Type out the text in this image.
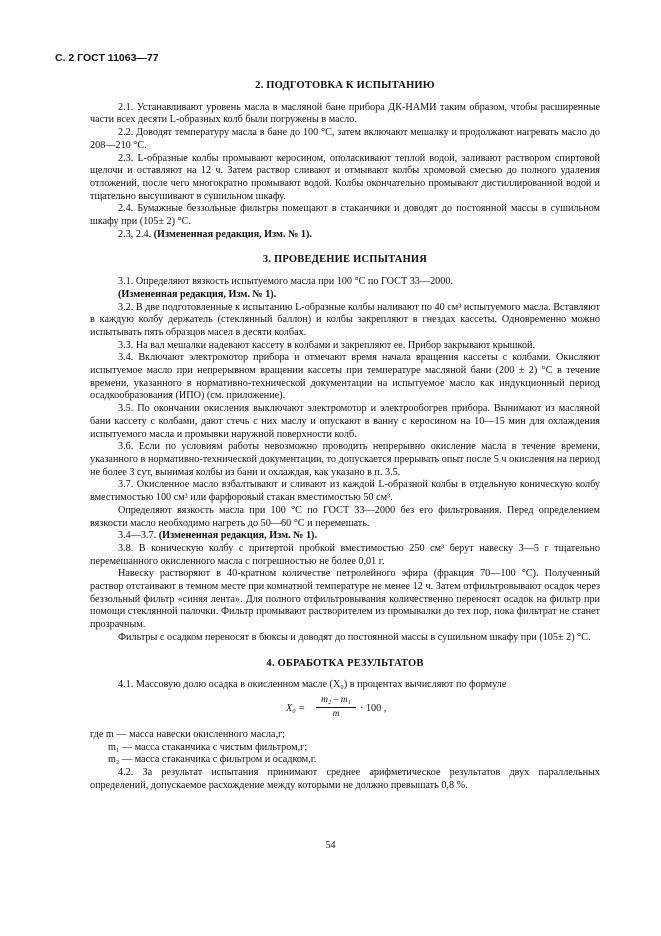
С. 2 ГОСТ 11063—77
2. ПОДГОТОВКА К ИСПЫТАНИЮ

2.1. Устанавливают уровень масла в масляной бане прибора ДК-НАМИ таким образом, чтобы расширенные части всех десяти L-образных колб были погружены в масло.

2.2. Доводят температуру масла в бане до 100 °С, затем включают мешалку и продолжают нагревать масло до 208—210 °С.

2.3. L-образные колбы промывают керосином, ополаскивают теплой водой, заливают раствором спиртовой щелочи и оставляют на 12 ч. Затем раствор сливают и отмывают колбы хромовой смесью до полного удаления отложений, после чего многократно промывают водой. Колбы окончательно промывают дистиллированной водой и тщательно высушивают в сушильном шкафу.

2.4. Бумажные беззольные фильтры помещают в стаканчики и доводят до постоянной массы в сушильном шкафу при (105± 2) °С.

2.3, 2.4. (Измененная редакция, Изм. № 1).

3. ПРОВЕДЕНИЕ ИСПЫТАНИЯ

3.1. Определяют вязкость испытуемого масла при 100 °С по ГОСТ 33—2000.

(Измененная редакция, Изм. № 1).

3.2. В две подготовленные к испытанию L-образные колбы наливают по 40 см³ испытуемого масла. Вставляют в каждую колбу держатель (стеклянный баллон) и колбы закрепляют в гнездах кассеты. Одновременно можно испытывать пять образцов масел в десяти колбах.

3.3. На вал мешалки надевают кассету в колбами и закрепляют ее. Прибор закрывают крышкой.

3.4. Включают электромотор прибора и отмечают время начала вращения кассеты с колбами. Окисляют испытуемое масло при непрерывном вращении кассеты при температуре масляной бани (200 ± 2) °С в течение времени, указанного в нормативно-технической документации на испытуемое масло как индукционный период осадкообразования (ИПО) (см. приложение).

3.5. По окончании окисления выключают электромотор и электрообогрев прибора. Вынимают из масляной бани кассету с колбами, дают стечь с них маслу и опускают в ванну с керосином на 10—15 мин для охлаждения испытуемого масла и промывки наружной поверхности колб.

3.6. Если по условиям работы невозможно проводить непрерывно окисление масла в течение времени, указанного в нормативно-технической документации, то допускается прерывать опыт после 5 ч окисления на период не более 3 сут, вынимая колбы из бани и охлаждая, как указано в п. 3.5.

3.7. Окисленное масло взбалтывают и сливают из каждой L-образной колбы в отдельную коническую колбу вместимостью 100 см³ или фарфоровый стакан вместимостью 50 см³.

Определяют вязкость масла при 100 °С по ГОСТ 33—2000 без его фильтрования. Перед определением вязкости масло необходимо нагреть до 50—60 °С и перемешать.

3.4—3.7. (Измененная редакция, Изм. № 1).

3.8. В коническую колбу с притертой пробкой вместимостью 250 см³ берут навеску 3—5 г тщательно перемешанного окисленного масла с погрешностью не более 0,01 г.

Навеску растворяют в 40-кратном количестве петролейного эфира (фракция 70—100 °С). Полученный раствор отстаивают в темном месте при комнатной температуре не менее 12 ч. Затем отфильтровывают осадок через беззольный фильтр «синяя лента». Для полного отфильтровывания количественно переносят осадок на фильтр при помощи стеклянной палочки. Фильтр промывают растворителем из промывалки до тех пор, пока фильтрат не станет прозрачным.

Фильтры с осадком переносят в бюксы и доводят до постоянной массы в сушильном шкафу при (105± 2) °С.

4. ОБРАБОТКА РЕЗУЛЬТАТОВ

4.1. Массовую долю осадка в окисленном масле (X₀) в процентах вычисляют по формуле

$X_0 = \frac{\text{m₂ – m₁}}{m} \cdot 100$ ,

где m — масса навески окисленного масла,г;

m₁ — масса стаканчика с чистым фильтром,г;

m₂ — масса стаканчика с фильтром и осадком,г.

4.2. За результат испытания принимают среднее арифметическое результатов двух параллельных определений, допускаемое расхождение между которыми не должно превышать 0,8 %.

54
